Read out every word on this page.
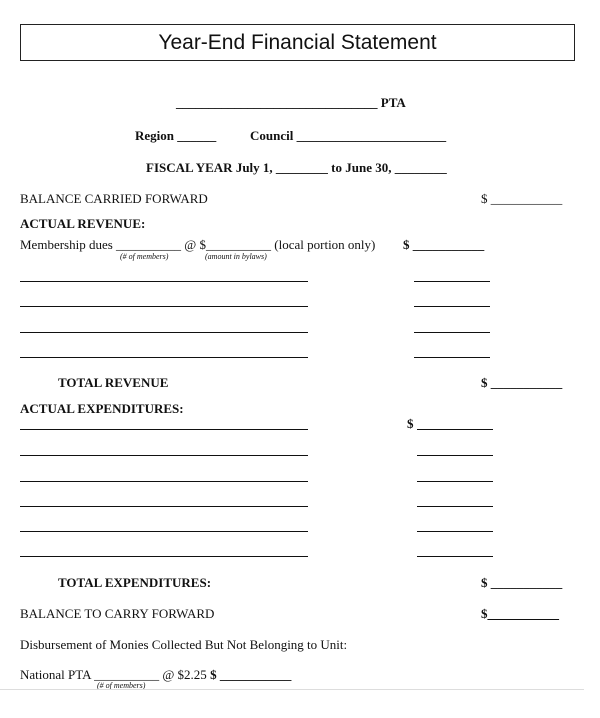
Year-End Financial Statement
_______________________________ PTA
Region ______	Council _______________________
FISCAL YEAR July 1, ________ to June 30, ________
BALANCE CARRIED FORWARD	$ ___________
ACTUAL REVENUE:
Membership dues __________ @ $__________ (local portion only) $ ___________
(# of members)	(amount in bylaws)
TOTAL REVENUE	$ ___________
ACTUAL EXPENDITURES:
$
TOTAL EXPENDITURES:	$ ___________
BALANCE TO CARRY FORWARD	$___________
Disbursement of Monies Collected But Not Belonging to Unit:
National PTA __________ @ $2.25 $ ___________
(# of members)
